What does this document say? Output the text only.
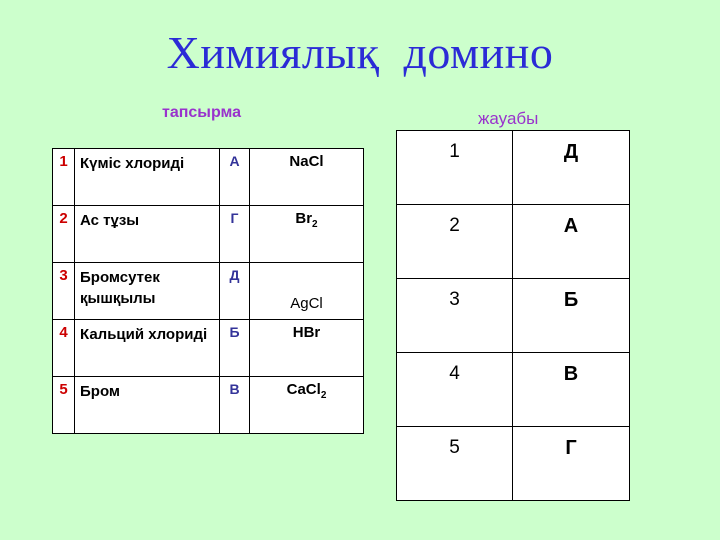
Химиялық  домино
тапсырма	жауабы
1	Күміс хлориді	А	NaCl
2	Ас тұзы	Г	$Br_2$
3	Бромсутек қышқылы	Д	AgCl
4	Кальций хлориді	Б	HBr
5	Бром	В	CaCl$_2$
1	Д
2	А
3	Б
4	В
5	Г
